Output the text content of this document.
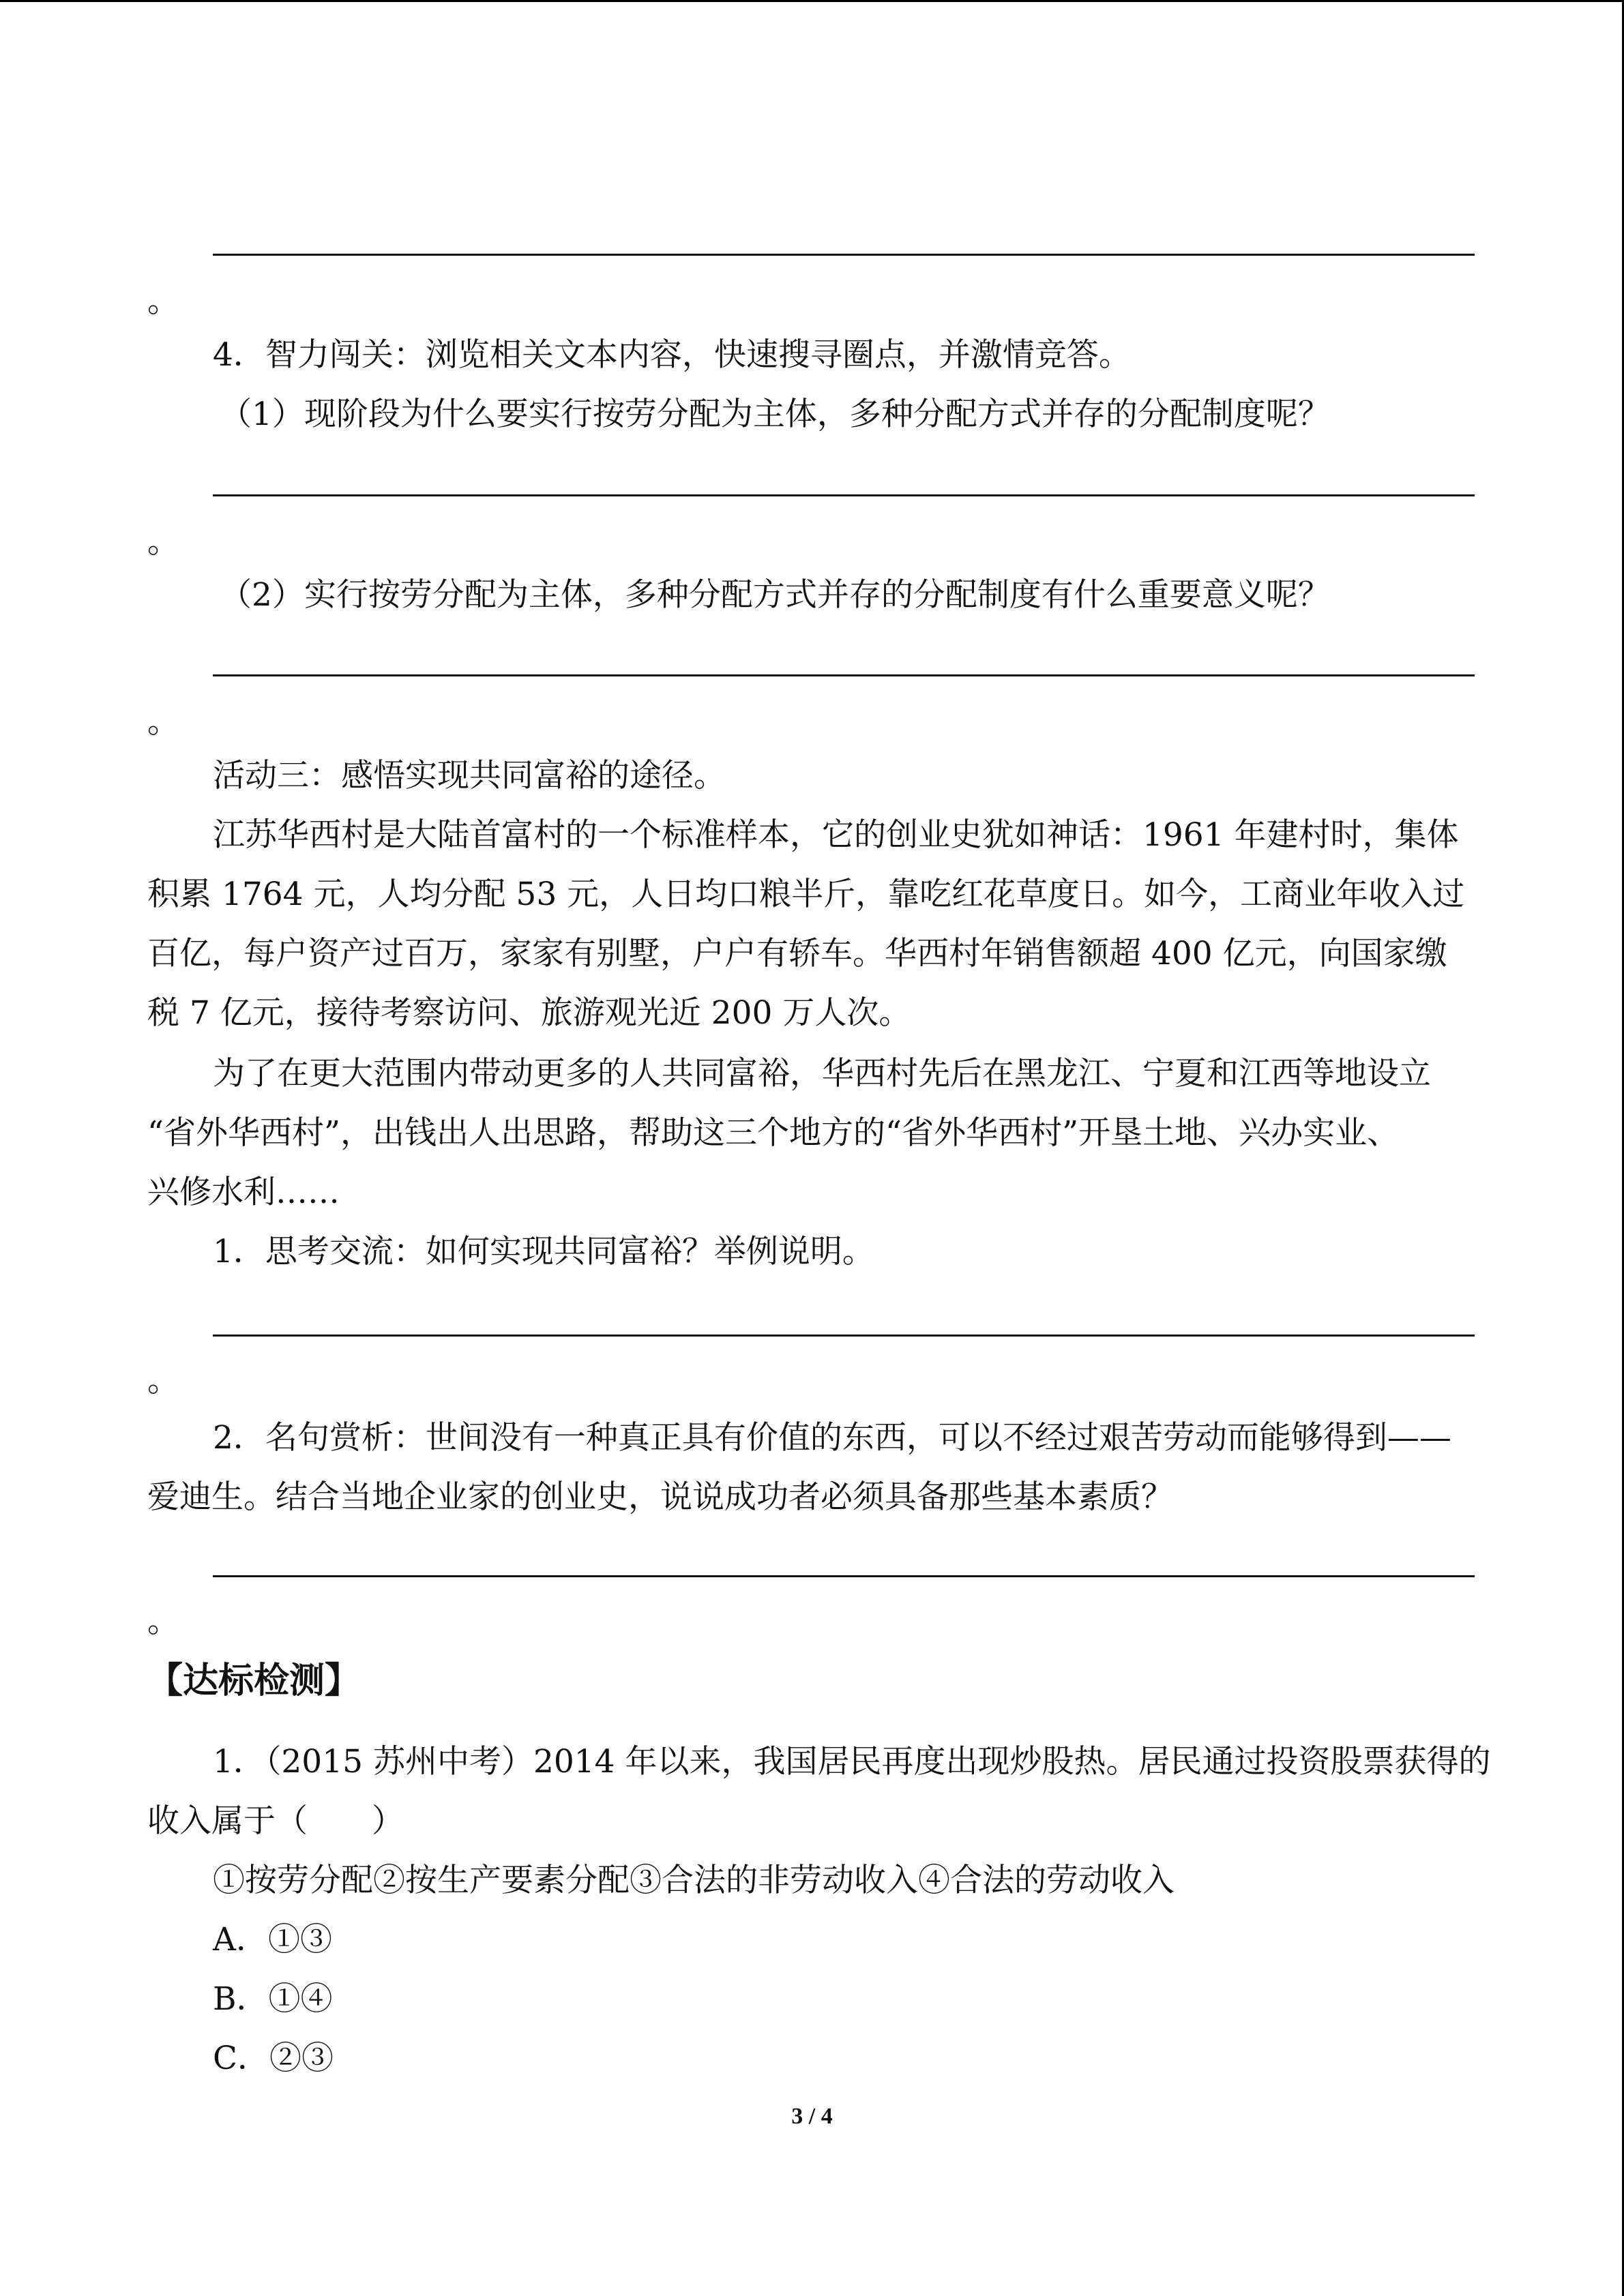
。
4．智力闯关：浏览相关文本内容，快速搜寻圈点，并激情竞答。
（1）现阶段为什么要实行按劳分配为主体，多种分配方式并存的分配制度呢？
。
（2）实行按劳分配为主体，多种分配方式并存的分配制度有什么重要意义呢？
。
活动三：感悟实现共同富裕的途径。
江苏华西村是大陆首富村的一个标准样本，它的创业史犹如神话：1961 年建村时，集体
积累 1764 元，人均分配 53 元，人日均口粮半斤，靠吃红花草度日。如今，工商业年收入过
百亿，每户资产过百万，家家有别墅，户户有轿车。华西村年销售额超 400 亿元，向国家缴
税 7 亿元，接待考察访问、旅游观光近 200 万人次。
为了在更大范围内带动更多的人共同富裕，华西村先后在黑龙江、宁夏和江西等地设立
“省外华西村”，出钱出人出思路，帮助这三个地方的“省外华西村”开垦土地、兴办实业、
兴修水利……
1．思考交流：如何实现共同富裕？举例说明。
。
2．名句赏析：世间没有一种真正具有价值的东西，可以不经过艰苦劳动而能够得到——
爱迪生。结合当地企业家的创业史，说说成功者必须具备那些基本素质？
。
【达标检测】
1．（2015 苏州中考）2014 年以来，我国居民再度出现炒股热。居民通过投资股票获得的
收入属于（　　）
①按劳分配②按生产要素分配③合法的非劳动收入④合法的劳动收入
A．①③
B．①④
C．②③
3 / 4
